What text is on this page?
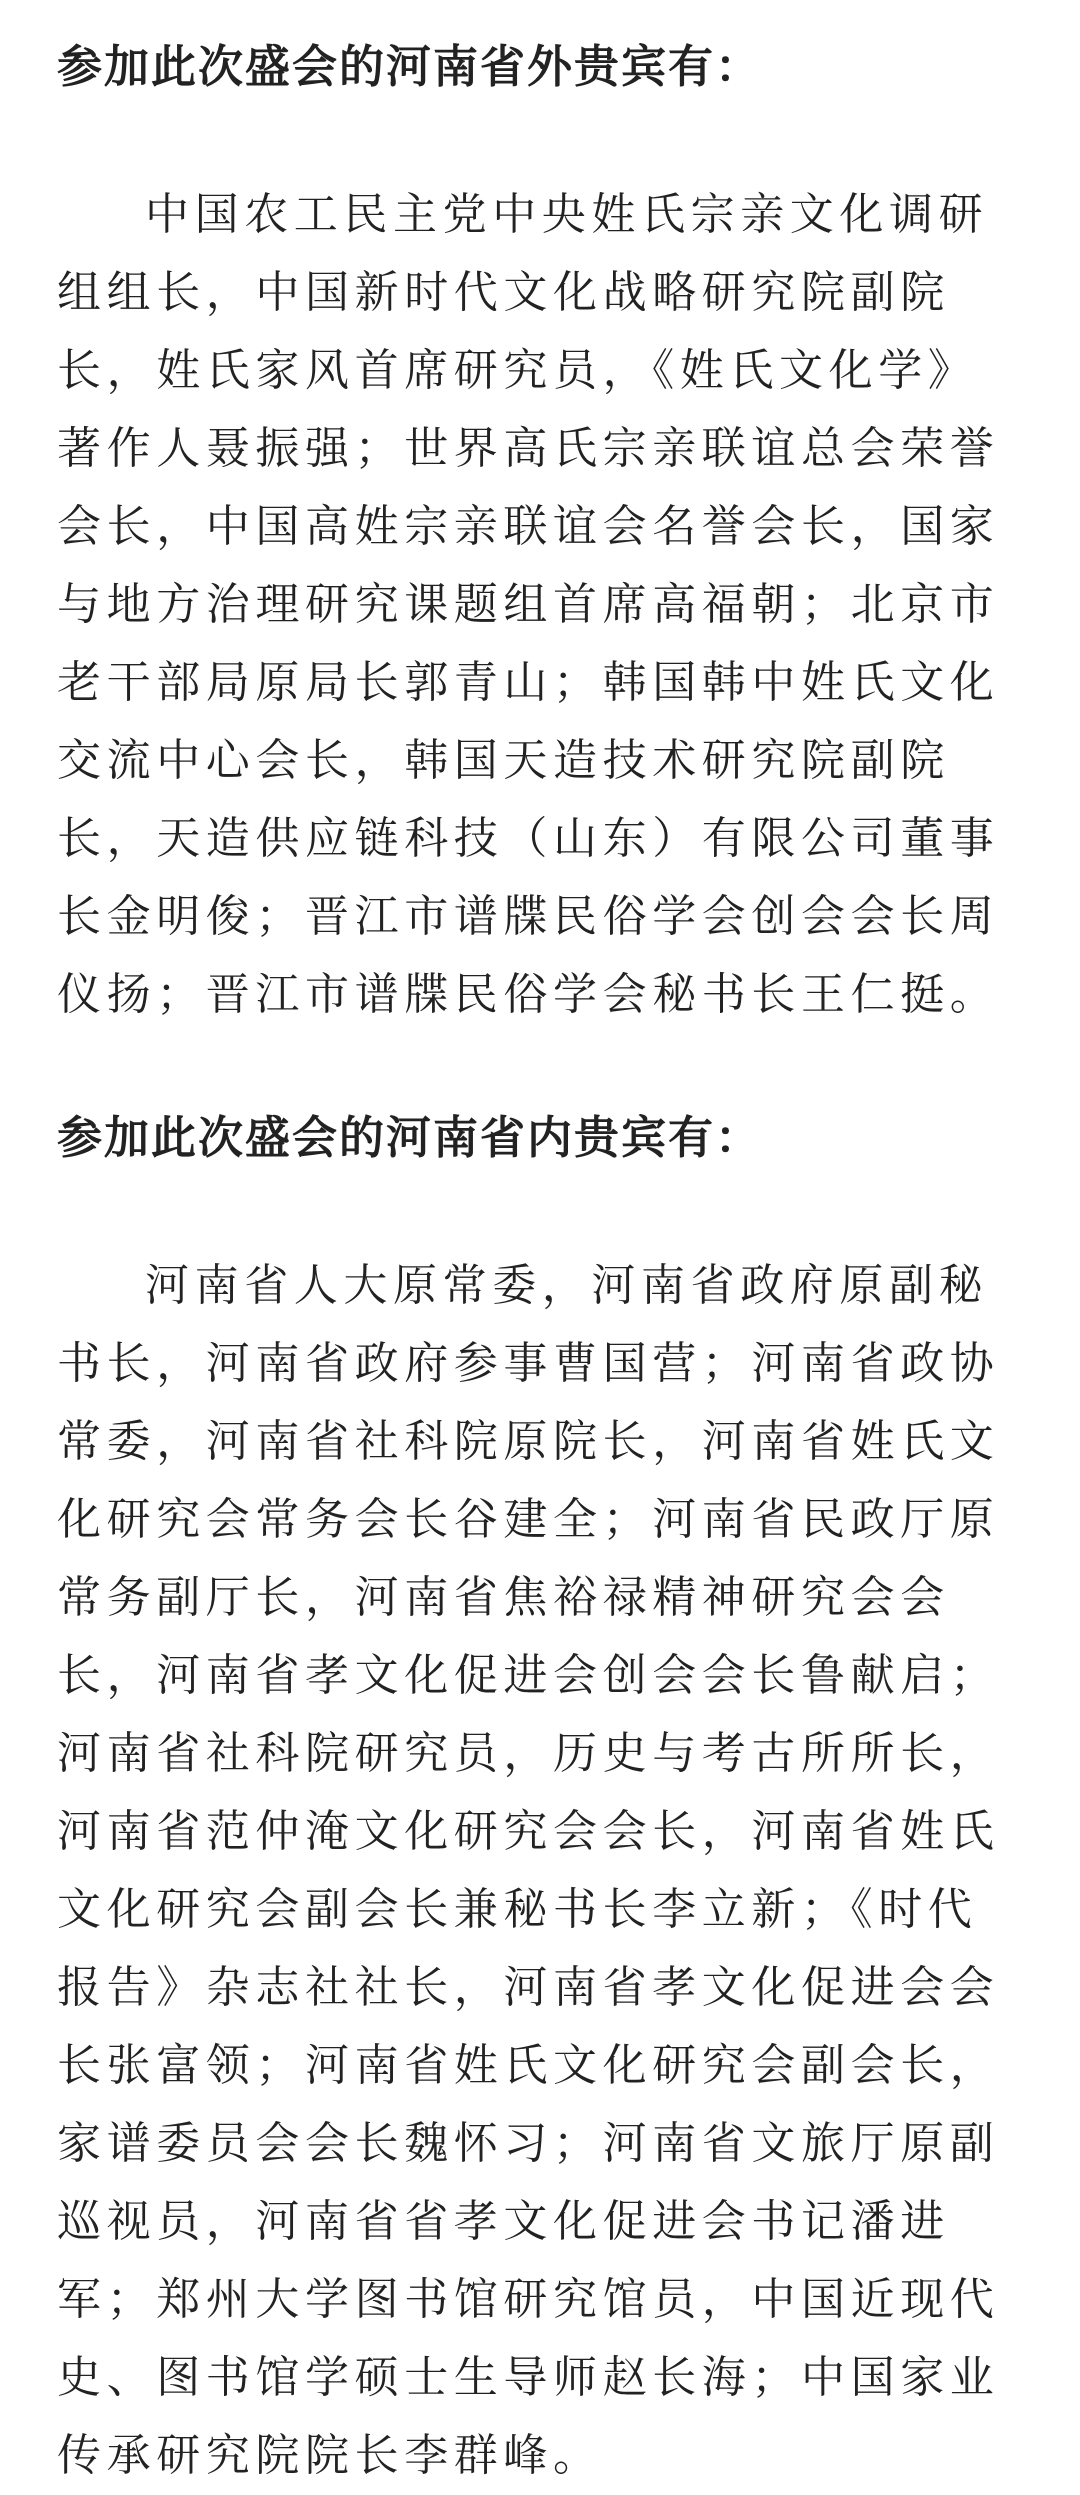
参加此次盛会的河南省外贵宾有：
中国农工民主党中央姓氏宗亲文化调研
组组长，中国新时代文化战略研究院副院
长，姓氏家风首席研究员，《姓氏文化学》
著作人聂振强；世界高氏宗亲联谊总会荣誉
会长，中国高姓宗亲联谊会名誉会长，国家
与地方治理研究课题组首席高福朝；北京市
老干部局原局长郭青山；韩国韩中姓氏文化
交流中心会长，韩国天造技术研究院副院
长，天造供应链科技（山东）有限公司董事
长金明俊；晋江市谱牒民俗学会创会会长周
仪扬；晋江市谱牒民俗学会秘书长王仁挺。
参加此次盛会的河南省内贵宾有：
河南省人大原常委，河南省政府原副秘
书长，河南省政府参事曹国营；河南省政协
常委，河南省社科院原院长，河南省姓氏文
化研究会常务会长谷建全；河南省民政厅原
常务副厅长，河南省焦裕禄精神研究会会
长，河南省孝文化促进会创会会长鲁献启；
河南省社科院研究员，历史与考古所所长，
河南省范仲淹文化研究会会长，河南省姓氏
文化研究会副会长兼秘书长李立新；《时代
报告》杂志社社长，河南省孝文化促进会会
长张富领；河南省姓氏文化研究会副会长，
家谱委员会会长魏怀习；河南省文旅厅原副
巡视员，河南省省孝文化促进会书记潘进
军；郑州大学图书馆研究馆员，中国近现代
史、图书馆学硕士生导师赵长海；中国家业
传承研究院院长李群峰。
